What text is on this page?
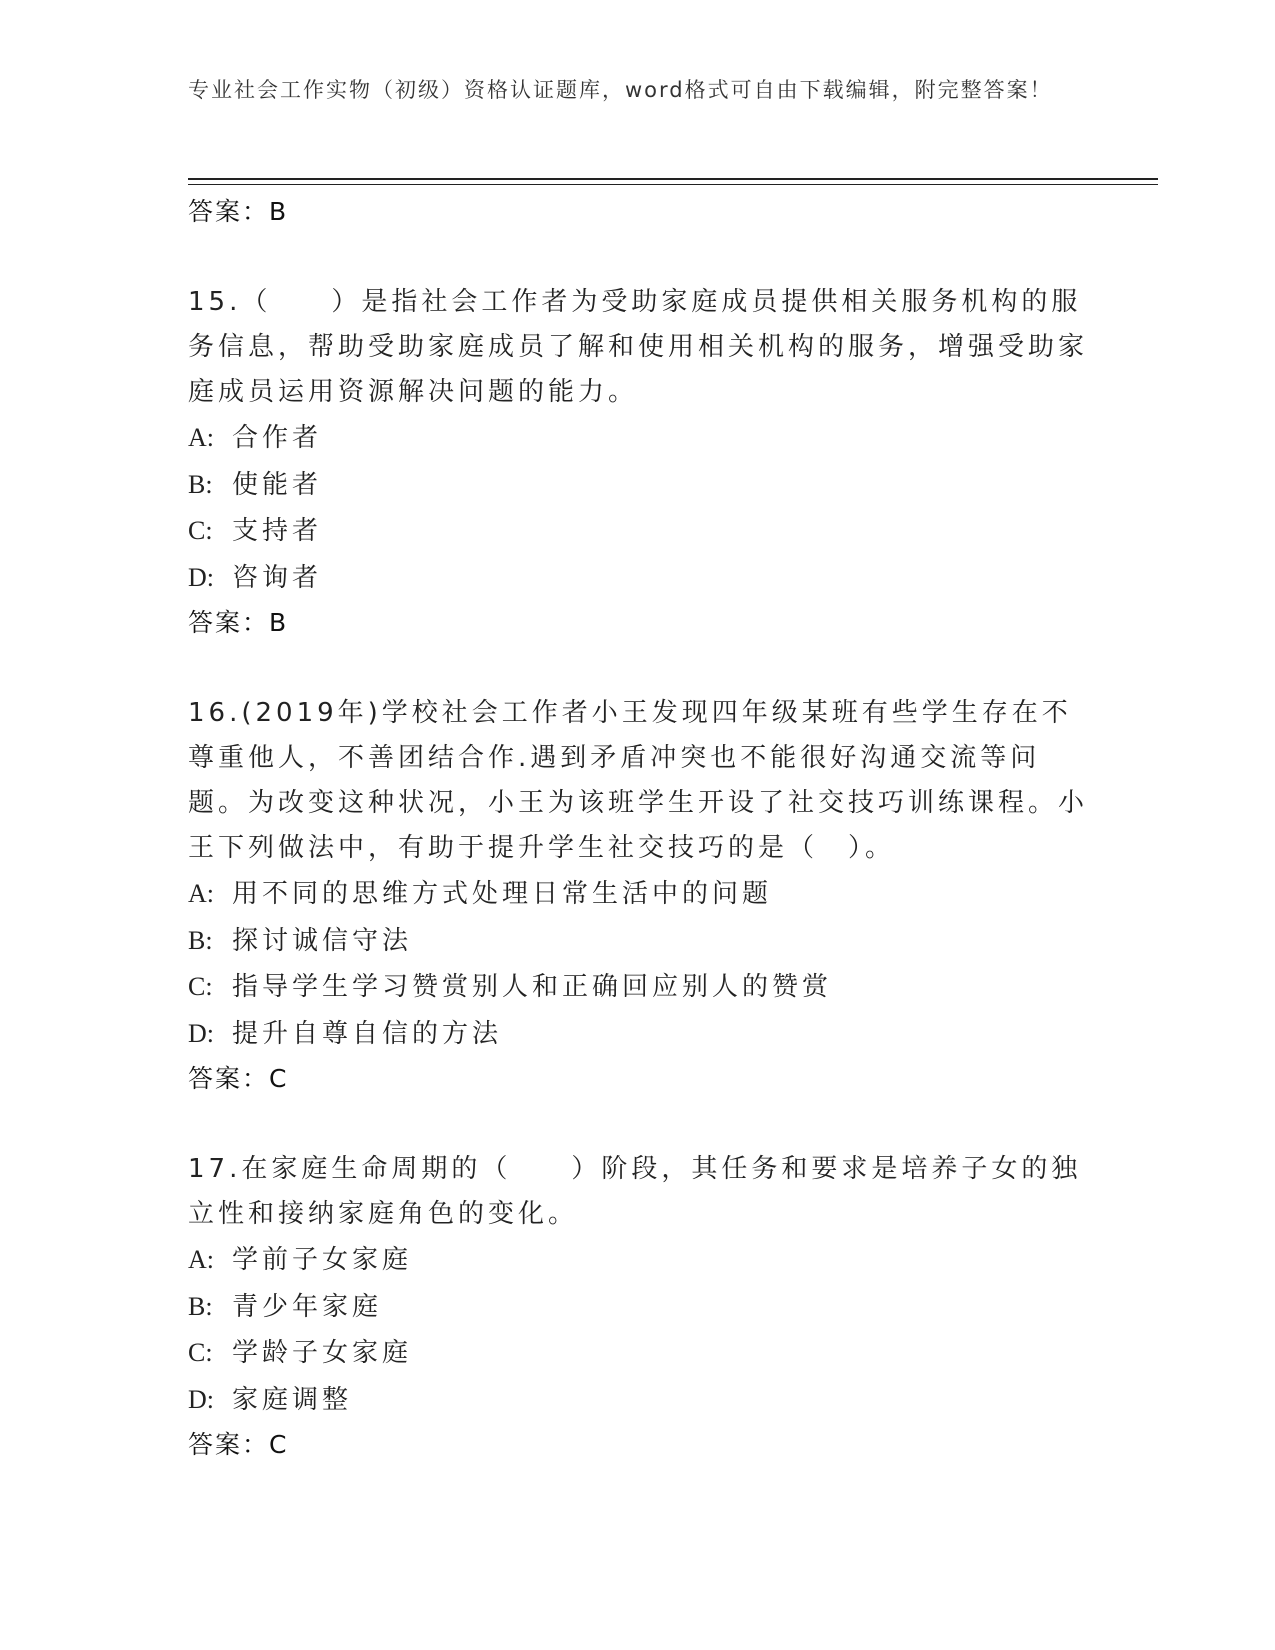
专业社会工作实物（初级）资格认证题库，word格式可自由下载编辑，附完整答案！
答案：B
15.（　　）是指社会工作者为受助家庭成员提供相关服务机构的服务信息，帮助受助家庭成员了解和使用相关机构的服务，增强受助家庭成员运用资源解决问题的能力。
A: 合作者
B: 使能者
C: 支持者
D: 咨询者
答案：B
16.(2019年)学校社会工作者小王发现四年级某班有些学生存在不尊重他人，不善团结合作.遇到矛盾冲突也不能很好沟通交流等问题。为改变这种状况，小王为该班学生开设了社交技巧训练课程。小王下列做法中，有助于提升学生社交技巧的是（　）。
A: 用不同的思维方式处理日常生活中的问题
B: 探讨诚信守法
C: 指导学生学习赞赏别人和正确回应别人的赞赏
D: 提升自尊自信的方法
答案：C
17.在家庭生命周期的（　　）阶段，其任务和要求是培养子女的独立性和接纳家庭角色的变化。
A: 学前子女家庭
B: 青少年家庭
C: 学龄子女家庭
D: 家庭调整
答案：C
